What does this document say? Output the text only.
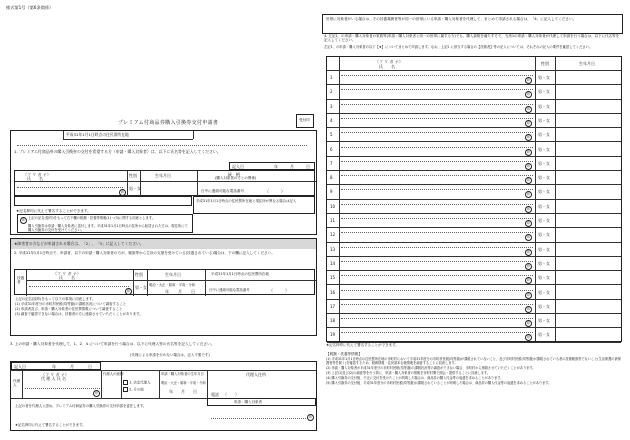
様式第1号（第6条関係）
プレミアム付商品券購入引換券交付申請書	受付印
平成31年1月1日時点の住民票所在地
1. プレミアム付商品券の購入引換券の交付を希望する方（申請・購入対象者）は、以下に氏名等を記入してください。
記入日	年	月	日
（フ リ ガ ナ）
氏　　名
印
性別
男・女
生年月日	続　柄
(購入対象者の方との関係)
日中に連絡可能な電話番号	（　　　）
平成31年1月1日時点の住民票所在地と現住所が異なる場合は記入
★記名押印に代えて署名することができます。
印 上記の記名(捺印)をもって右下欄の税額・扶養等情報(1)～(3)に関する同意とします。
購入引換券は申請・購入対象者に送付します。平成31年1月1日時点の住所から転居された方は、現住所にて購入引換券の交付を受けてください。
★障害者の方などが申請される場合は、「2」、「3」に記入してください。
2. 平成31年1月1日時点で、申請者、以下の申請・購入対象者の方が、親族等から生計の支援を受けている(扶養されている)場合は、下の欄に記入してください。
扶養者
（フ リ ガ ナ）
氏　　名
印
性別
男・女
生年月日
明治・大正・昭和・平成・令和
年 月 日
平成31年1月1日時点の住民票所在地
日中に連絡可能な電話番号	（　　　）
上記の記名(捺印)をもって以下の事項に同意します。
(1) 平成31年度分の市町村民税(均等割)の課税状況について調査すること
(2) 申請者及び、申請・購入対象者の住民票情報について調査すること
(3) 調査で確認できない場合は、扶養者の方に連絡させていただくことがあります。
3. 上の申請・購入対象者を代理して、1、2、4 について申請を行う場合は、以下に代理人等の氏名等を記入してください。
(代理による申請を行わない場合は、記入不要です)
記入日	年	月	日
代理人
（フ リ ガ ナ）
代 理 人 氏 名
印
代理人の続柄
1. 法定代理人
2. その他
申請・購入対象者の生年月日
明治・大正・昭和・平成・令和
年 月 日
代理人住所
電話 （　　）
上記の者を代理人と認め、プレミアム付商品券の購入引換券の交付申請を委任します。
申請・購入対象者
印
★記名押印に代えて署名することができます。
世帯に対象者がいる場合は、その扶養義務者等が同一の世帯にいる申請・購入対象者を代理して、まとめて申請される場合は、「4」に記入してください。
4. 左記1、の申請・購入対象者の家族等(申請・購入対象者と同一の世帯に属する方)でも、購入資格を満たす方で、当該1の申請・購入対象者が代理して申請を行う場合は、以下に氏名等を記入してください。
左記1、の申請・購入対象者の以下【★】についてまとめて申請します。なお、上記2 に該当する場合の【扶養者】等の記入については、それぞれの記入の要件を確認してください。
（フ リ ガ ナ）
氏　　名
性別	生年月日
1	印	男・女
2	印	男・女
3	印	男・女
4	印	男・女
5	印	男・女
6	印	男・女
7	印	男・女
8	印	男・女
9	印	男・女
10	印	男・女
11	印	男・女
12	印	男・女
13	印	男・女
14	印	男・女
15	印	男・女
16	印	男・女
17	印	男・女
18	印	男・女
19	印	男・女
★記名押印に代えて署名することができます。
【税額・扶養等情報】
(1) 平成31年1月1日時点の住民票所在地の市町村において平成31年度分の市町村民税(均等割)が課税されていないこと、及び市町村民税(均等割)が課税されている者の扶養親族等でないこと(生活保護の被保護者等を除く)を確認するため、税務情報・住民基本台帳情報を調査することに同意します。
(2) 申請・購入対象者が平成31年度分の市町村民税(均等割)の課税状況等の調査ができない場合、市町村から連絡させていただくことがあります。
(3) 上記(1)及び(2)の調査等を行う際に、申請・購入対象者の情報を市町村間で照会・提供することに同意します。
(4) 購入引換券の交付後、不正に交付を受けたことが判明した場合は、商品券の購入代金等の返還を求めることがあります。
(5) 購入引換券の交付後、平成31年度分の市町村民税(均等割)が課税されていることが判明した場合は、商品券の購入代金等の返還を求めることがあります。
